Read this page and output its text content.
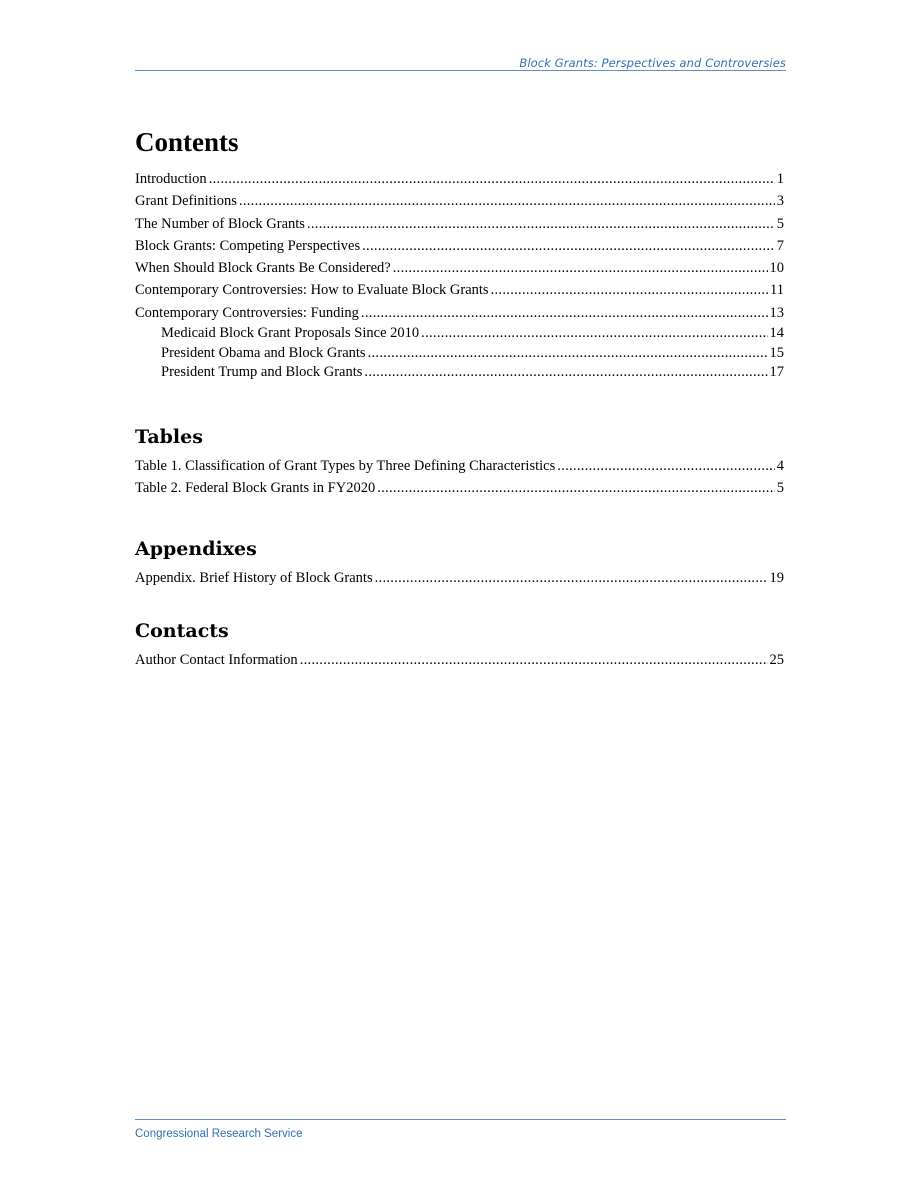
Block Grants: Perspectives and Controversies
Contents
Introduction .....	1
Grant Definitions .....	3
The Number of Block Grants .....	5
Block Grants: Competing Perspectives .....	7
When Should Block Grants Be Considered? .....	10
Contemporary Controversies: How to Evaluate Block Grants .....	11
Contemporary Controversies: Funding .....	13
Medicaid Block Grant Proposals Since 2010 .....	14
President Obama and Block Grants .....	15
President Trump and Block Grants .....	17
Tables
Table 1. Classification of Grant Types by Three Defining Characteristics .....	4
Table 2. Federal Block Grants in FY2020 .....	5
Appendixes
Appendix. Brief History of Block Grants .....	19
Contacts
Author Contact Information .....	25
Congressional Research Service
